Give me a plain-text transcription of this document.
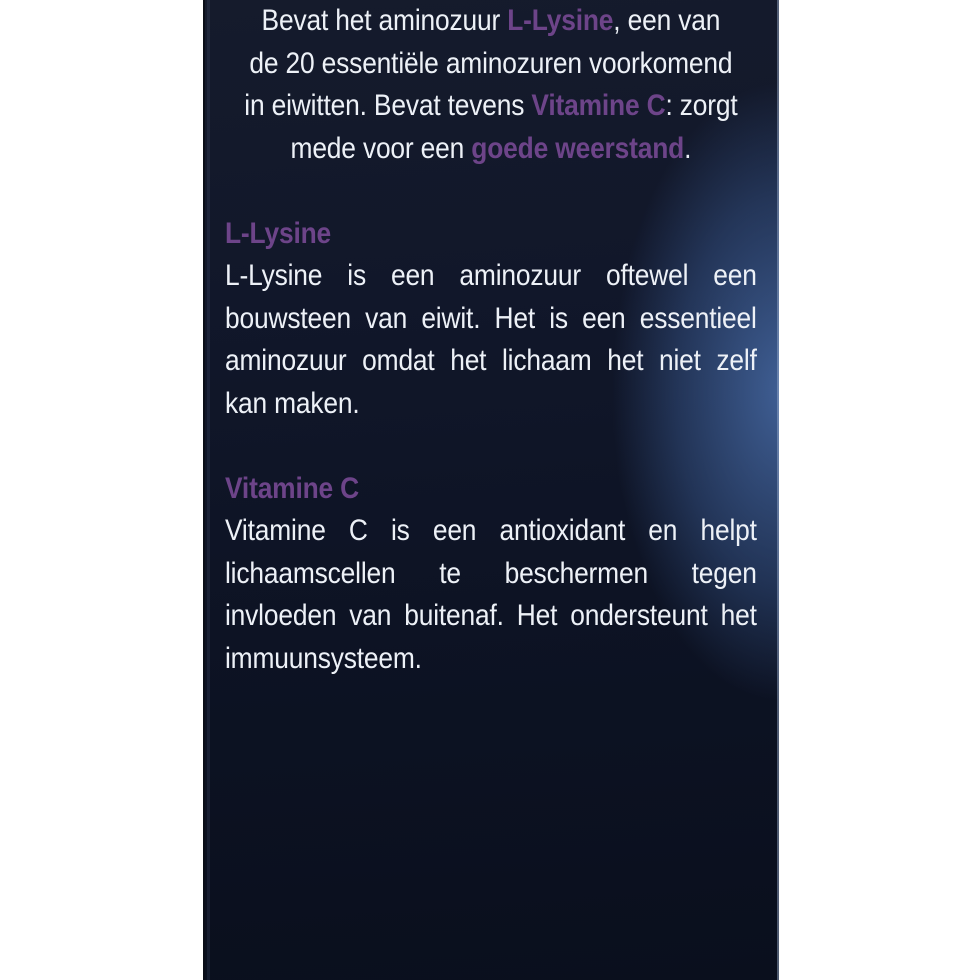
Bevat het aminozuur L-Lysine, een van
de 20 essentiële aminozuren voorkomend
in eiwitten. Bevat tevens Vitamine C: zorgt
mede voor een goede weerstand.
L-Lysine
L-Lysine is een aminozuur oftewel een
bouwsteen van eiwit. Het is een essentieel
aminozuur omdat het lichaam het niet zelf
kan maken.
Vitamine C
Vitamine C is een antioxidant en helpt
lichaamscellen te beschermen tegen
invloeden van buitenaf. Het ondersteunt het
immuunsysteem.
